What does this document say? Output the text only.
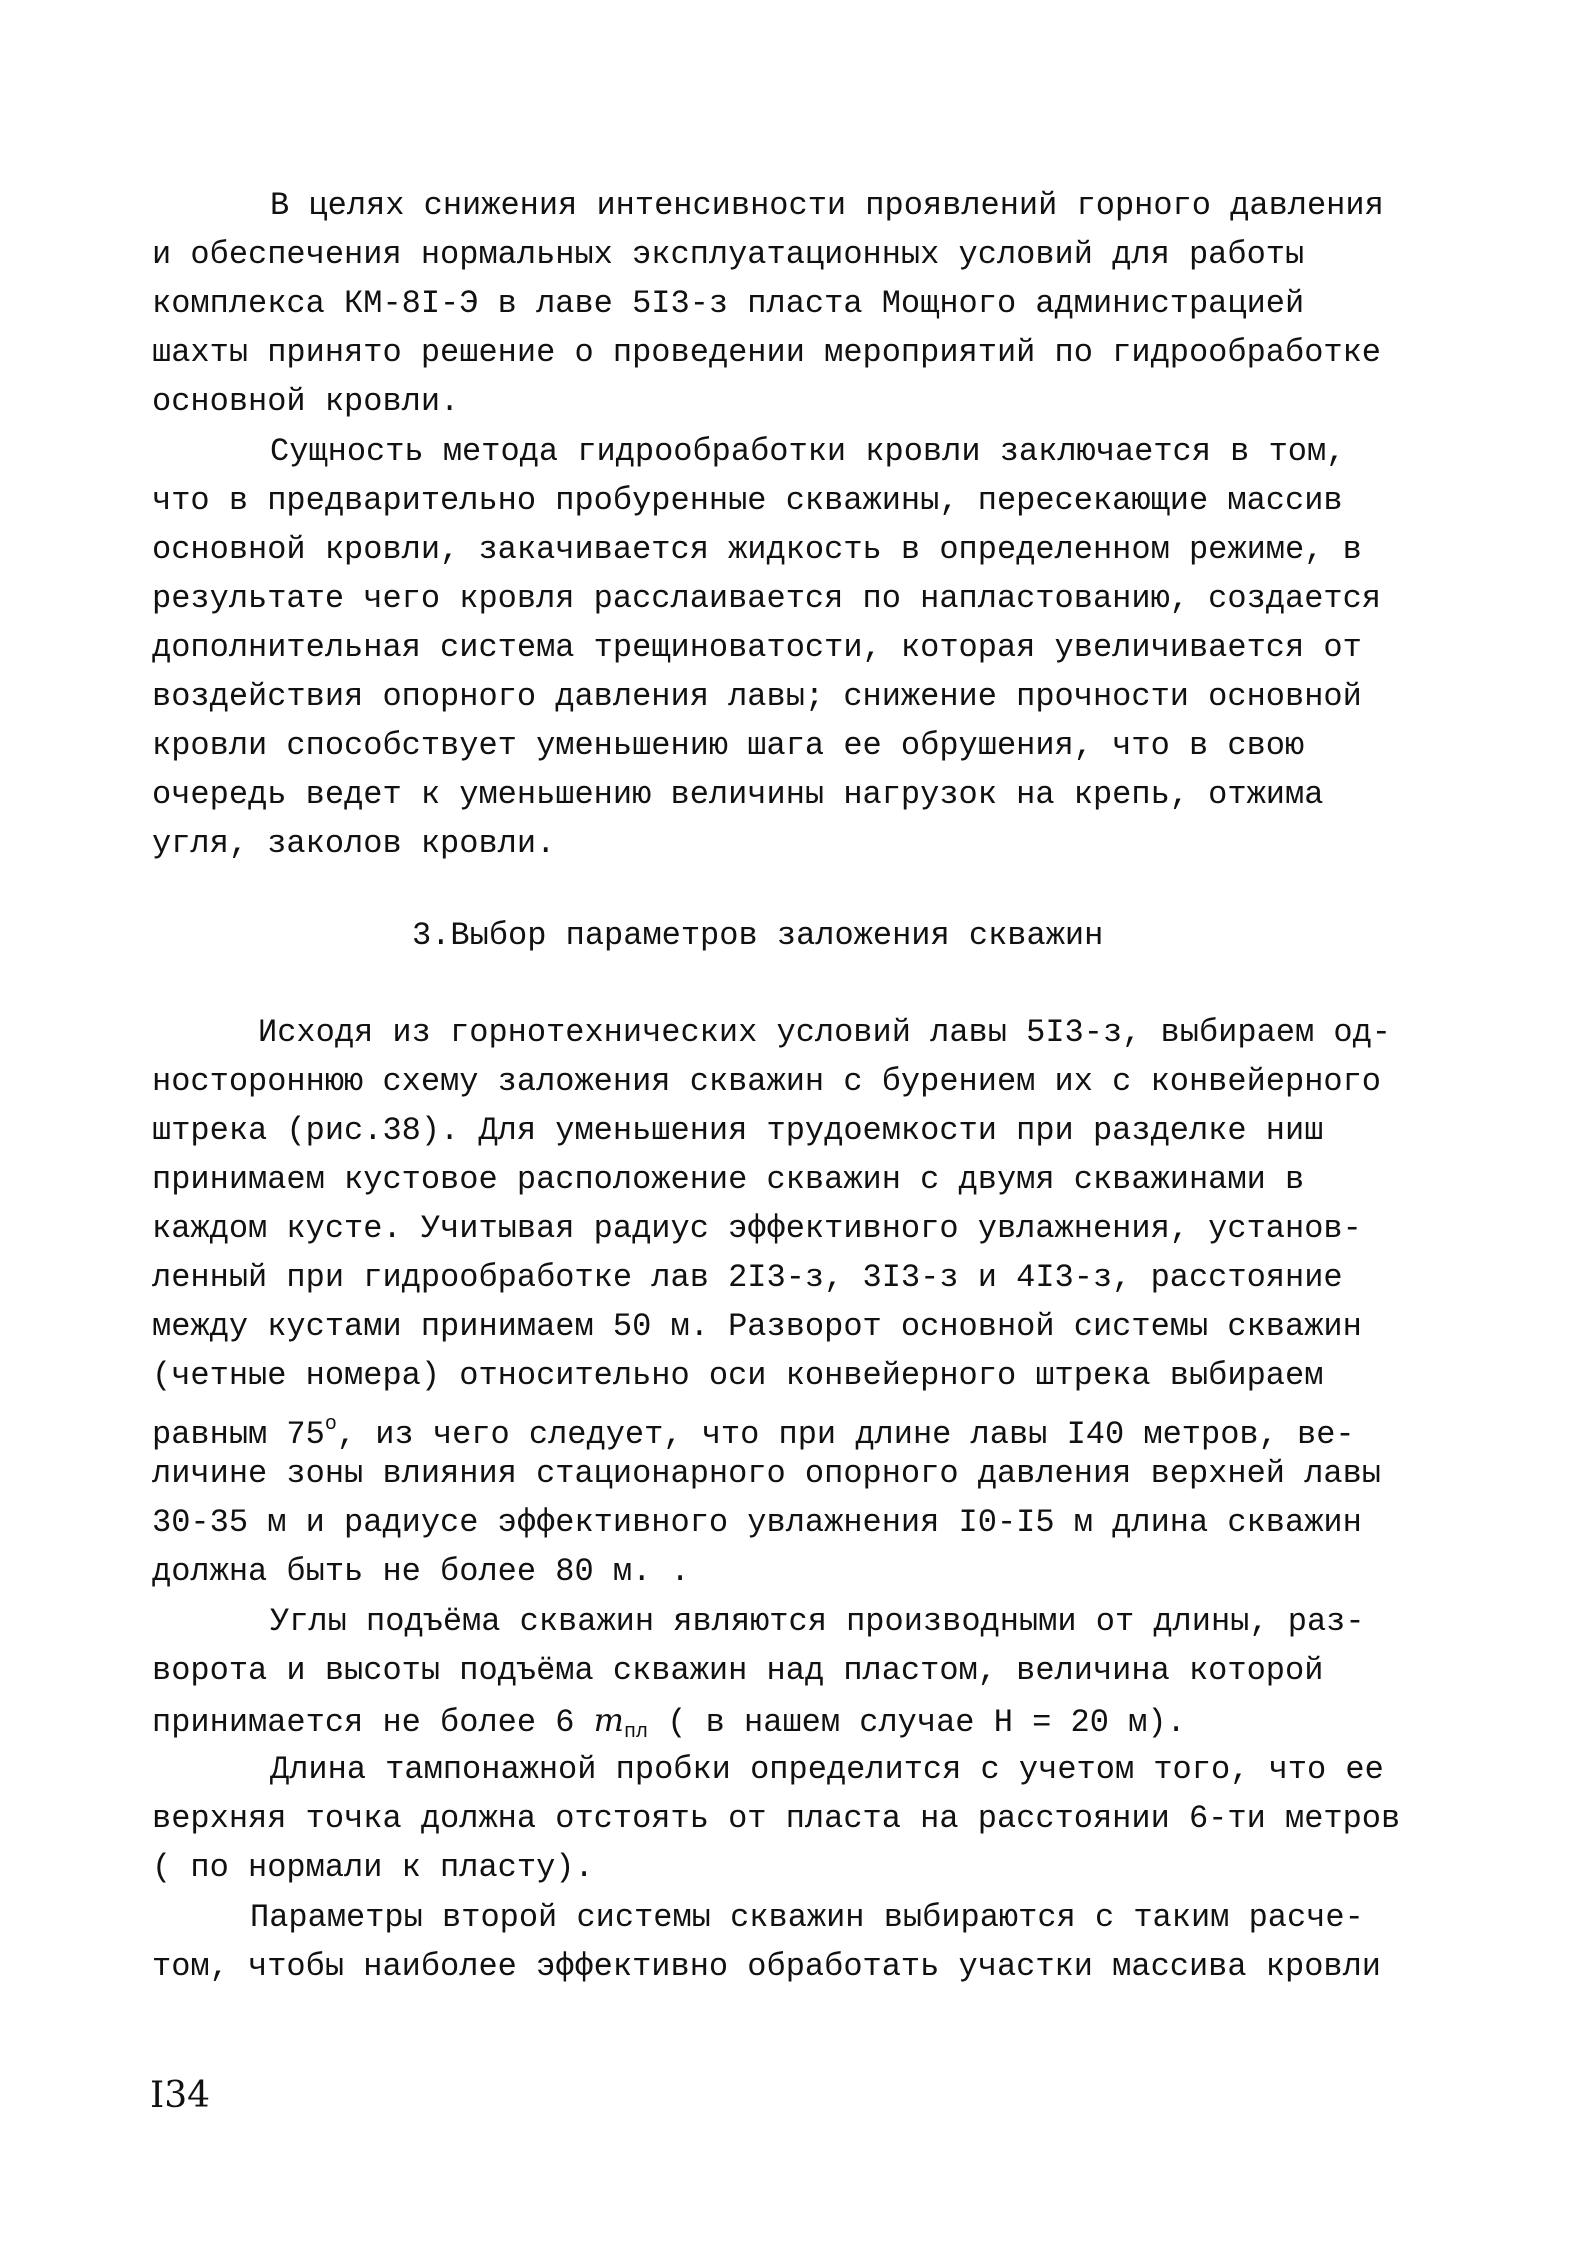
В целях снижения интенсивности проявлений горного давления
и обеспечения нормальных эксплуатационных условий для работы
комплекса КМ-8I-Э в лаве 5I3-з пласта Мощного администрацией
шахты принято решение о проведении мероприятий по гидрообработке
основной кровли.
Сущность метода гидрообработки кровли заключается в том,
что в предварительно пробуренные скважины, пересекающие массив
основной кровли, закачивается жидкость в определенном режиме, в
результате чего кровля расслаивается по напластованию, создается
дополнительная система трещиноватости, которая увеличивается от
воздействия опорного давления лавы; снижение прочности основной
кровли способствует уменьшению шага ее обрушения, что в свою
очередь ведет к уменьшению величины нагрузок на крепь, отжима
угля, заколов кровли.
3.Выбор параметров заложения скважин
Исходя из горнотехнических условий лавы 5I3-з, выбираем од-
ностороннюю схему заложения скважин с бурением их с конвейерного
штрека (рис.38). Для уменьшения трудоемкости при разделке ниш
принимаем кустовое расположение скважин с двумя скважинами в
каждом кусте. Учитывая радиус эффективного увлажнения, установ-
ленный при гидрообработке лав 2I3-з, 3I3-з и 4I3-з, расстояние
между кустами принимаем 50 м. Разворот основной системы скважин
(четные номера) относительно оси конвейерного штрека выбираем
равным 75$^o$, из чего следует, что при длине лавы I40 метров, ве-
личине зоны влияния стационарного опорного давления верхней лавы
30-35 м и радиусе эффективного увлажнения I0-I5 м длина скважин
должна быть не более 80 м. .
Углы подъёма скважин являются производными от длины, раз-
ворота и высоты подъёма скважин над пластом, величина которой
принимается не более 6 mпл ( в нашем случае Н = 20 м).
Длина тампонажной пробки определится с учетом того, что ее
верхняя точка должна отстоять от пласта на расстоянии 6-ти метров
( по нормали к пласту).
Параметры второй системы скважин выбираются с таким расче-
том, чтобы наиболее эффективно обработать участки массива кровли
I34
